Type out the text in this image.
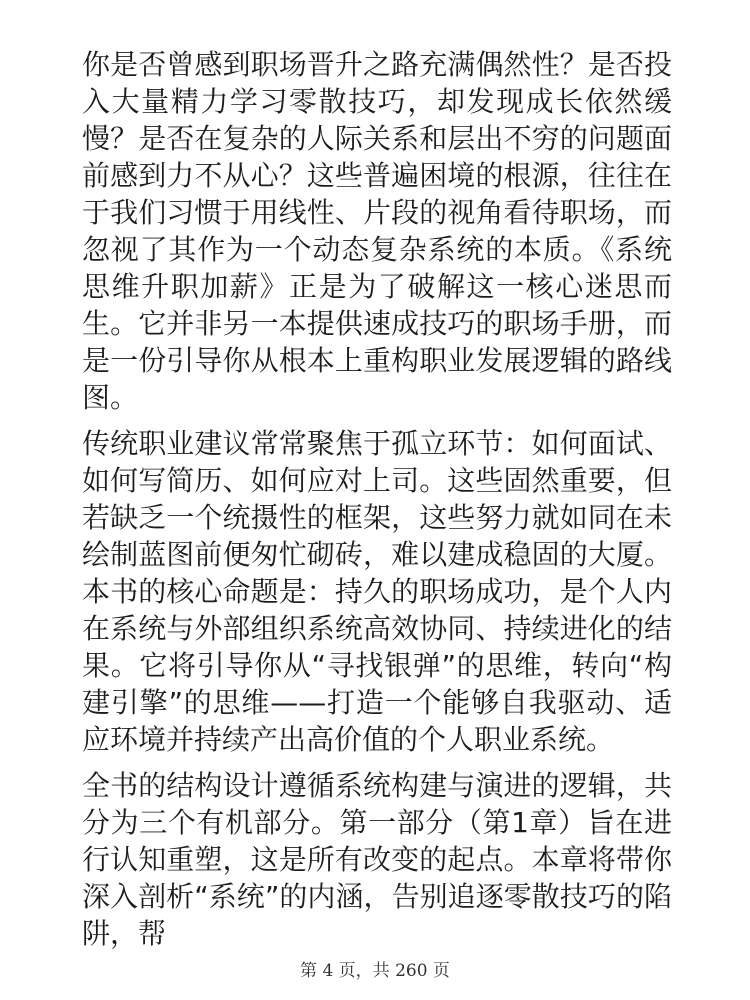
你是否曾感到职场晋升之路充满偶然性？是否投入大量精力学习零散技巧，却发现成长依然缓慢？是否在复杂的人际关系和层出不穷的问题面前感到力不从心？这些普遍困境的根源，往往在于我们习惯于用线性、片段的视角看待职场，而忽视了其作为一个动态复杂系统的本质。《系统思维升职加薪》正是为了破解这一核心迷思而生。它并非另一本提供速成技巧的职场手册，而是一份引导你从根本上重构职业发展逻辑的路线图。

传统职业建议常常聚焦于孤立环节：如何面试、如何写简历、如何应对上司。这些固然重要，但若缺乏一个统摄性的框架，这些努力就如同在未绘制蓝图前便匆忙砌砖，难以建成稳固的大厦。本书的核心命题是：持久的职场成功，是个人内在系统与外部组织系统高效协同、持续进化的结果。它将引导你从“寻找银弹”的思维，转向“构建引擎”的思维——打造一个能够自我驱动、适应环境并持续产出高价值的个人职业系统。

全书的结构设计遵循系统构建与演进的逻辑，共分为三个有机部分。第一部分（第1章）旨在进行认知重塑，这是所有改变的起点。本章将带你深入剖析“系统”的内涵，告别追逐零散技巧的陷阱，帮

第 4 页，共 260 页
